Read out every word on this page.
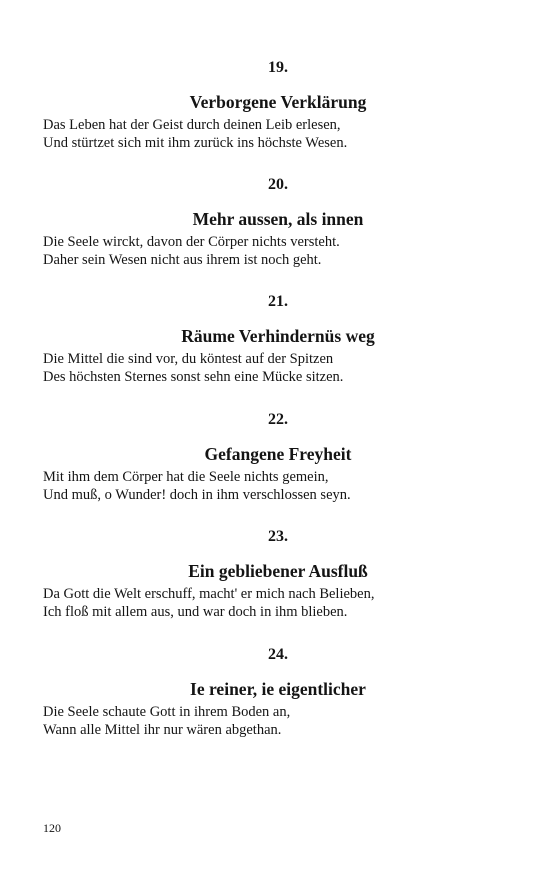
19.
Verborgene Verklärung
Das Leben hat der Geist durch deinen Leib erlesen,
Und stürtzet sich mit ihm zurück ins höchste Wesen.
20.
Mehr aussen, als innen
Die Seele wirckt, davon der Cörper nichts versteht.
Daher sein Wesen nicht aus ihrem ist noch geht.
21.
Räume Verhindernüs weg
Die Mittel die sind vor, du köntest auf der Spitzen
Des höchsten Sternes sonst sehn eine Mücke sitzen.
22.
Gefangene Freyheit
Mit ihm dem Cörper hat die Seele nichts gemein,
Und muß, o Wunder! doch in ihm verschlossen seyn.
23.
Ein gebliebener Ausfluß
Da Gott die Welt erschuff, macht' er mich nach Belieben,
Ich floß mit allem aus, und war doch in ihm blieben.
24.
Ie reiner, ie eigentlicher
Die Seele schaute Gott in ihrem Boden an,
Wann alle Mittel ihr nur wären abgethan.
120
